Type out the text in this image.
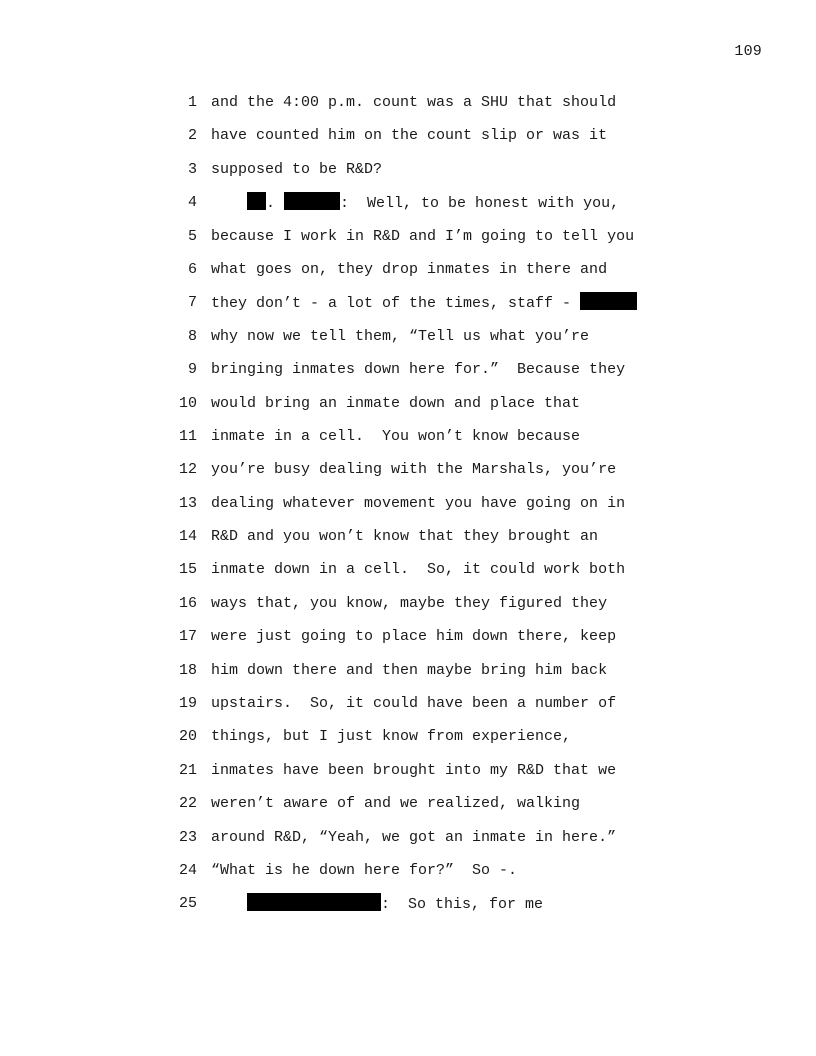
109
1 and the 4:00 p.m. count was a SHU that should
2 have counted him on the count slip or was it
3 supposed to be R&D?
4	.	:  Well, to be honest with you,
5 because I work in R&D and I’m going to tell you
6 what goes on, they drop inmates in there and
7 they don’t - a lot of the times, staff -
8 why now we tell them, “Tell us what you’re
9 bringing inmates down here for.”  Because they
10 would bring an inmate down and place that
11 inmate in a cell.  You won’t know because
12 you’re busy dealing with the Marshals, you’re
13 dealing whatever movement you have going on in
14 R&D and you won’t know that they brought an
15 inmate down in a cell.  So, it could work both
16 ways that, you know, maybe they figured they
17 were just going to place him down there, keep
18 him down there and then maybe bring him back
19 upstairs.  So, it could have been a number of
20 things, but I just know from experience,
21 inmates have been brought into my R&D that we
22 weren’t aware of and we realized, walking
23 around R&D, “Yeah, we got an inmate in here.”
24 “What is he down here for?”  So -.
25	:  So this, for me
